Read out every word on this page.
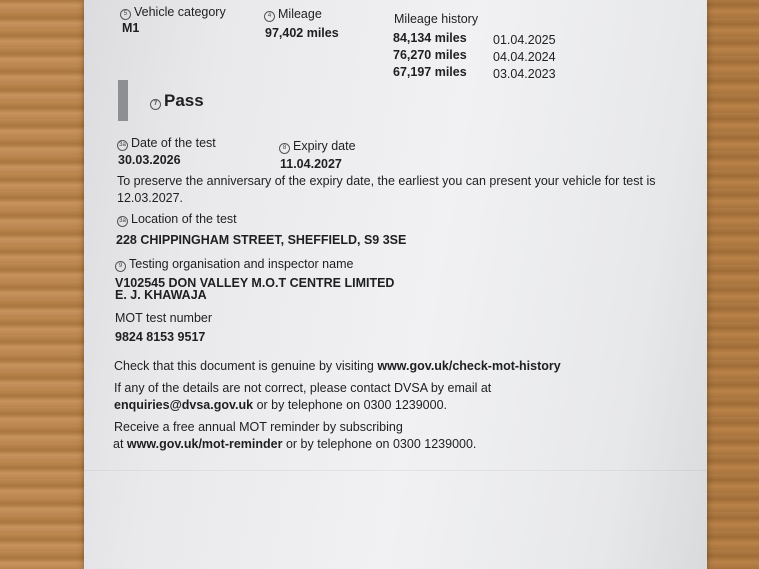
5 Vehicle category
M1
4 Mileage
97,402 miles
Mileage history
84,134 miles 01.04.2025
76,270 miles 04.04.2024
67,197 miles 03.04.2023
7 Pass
3a Date of the test
30.03.2026
8 Expiry date
11.04.2027
To preserve the anniversary of the expiry date, the earliest you can present your vehicle for test is
12.03.2027.
3a Location of the test
228 CHIPPINGHAM STREET, SHEFFIELD, S9 3SE
9 Testing organisation and inspector name
V102545 DON VALLEY M.O.T CENTRE LIMITED
E. J. KHAWAJA
MOT test number
9824 8153 9517
Check that this document is genuine by visiting www.gov.uk/check-mot-history
If any of the details are not correct, please contact DVSA by email at
enquiries@dvsa.gov.uk or by telephone on 0300 1239000.
Receive a free annual MOT reminder by subscribing
at www.gov.uk/mot-reminder or by telephone on 0300 1239000.
